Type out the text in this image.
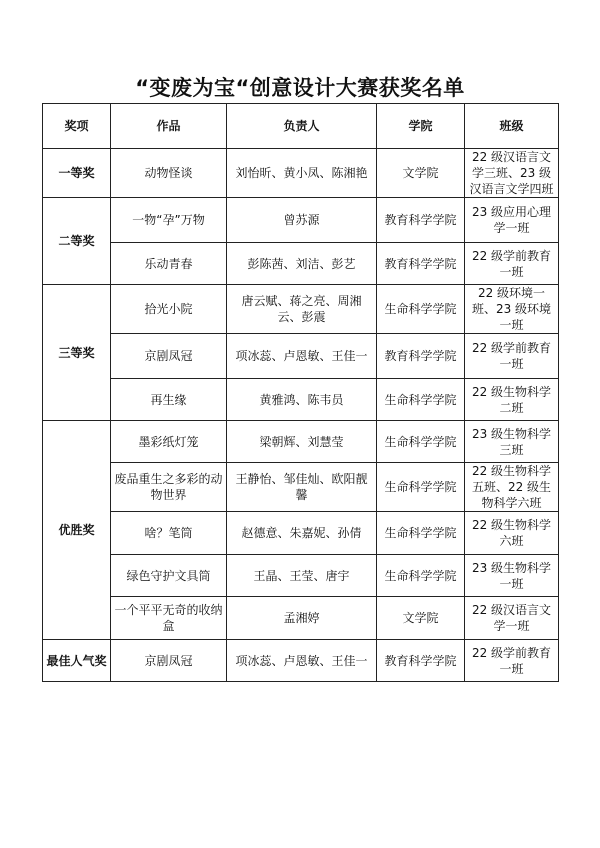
“变废为宝“创意设计大赛获奖名单
奖项	作品	负责人	学院	班级
一等奖	动物怪谈	刘怡昕、黄小凤、陈湘艳	文学院	22 级汉语言文学三班、23 级汉语言文学四班
二等奖	一物“孕”万物	曾苏源	教育科学学院	23 级应用心理学一班
	乐动青春	彭陈茜、刘洁、彭艺	教育科学学院	22 级学前教育一班
三等奖	拾光小院	唐云赋、蒋之亮、周湘云、彭震	生命科学学院	22 级环境一班、23 级环境一班
	京剧凤冠	项冰蕊、卢恩敏、王佳一	教育科学学院	22 级学前教育一班
	再生缘	黄雅鸿、陈韦员	生命科学学院	22 级生物科学二班
优胜奖	墨彩纸灯笼	梁朝辉、刘慧莹	生命科学学院	23 级生物科学三班
	废品重生之多彩的动物世界	王静怡、邹佳灿、欧阳靓馨	生命科学学院	22 级生物科学五班、22 级生物科学六班
	啥？笔筒	赵德意、朱嘉妮、孙倩	生命科学学院	22 级生物科学六班
	绿色守护文具筒	王晶、王莹、唐宇	生命科学学院	23 级生物科学一班
	一个平平无奇的收纳盒	孟湘婷	文学院	22 级汉语言文学一班
最佳人气奖	京剧凤冠	项冰蕊、卢恩敏、王佳一	教育科学学院	22 级学前教育一班
